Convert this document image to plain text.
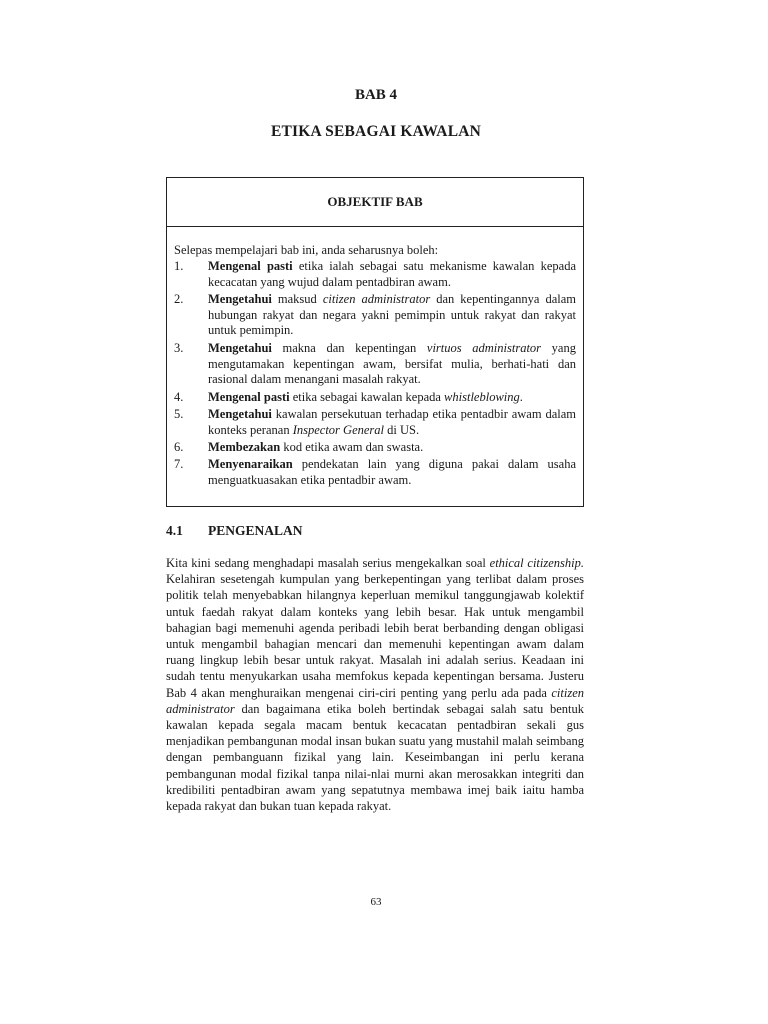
BAB 4
ETIKA SEBAGAI KAWALAN
OBJEKTIF BAB

Selepas mempelajari bab ini, anda seharusnya boleh:

1.	Mengenal pasti etika ialah sebagai satu mekanisme kawalan kepada kecacatan yang wujud dalam pentadbiran awam.
2.	Mengetahui maksud citizen administrator dan kepentingannya dalam hubungan rakyat dan negara yakni pemimpin untuk rakyat dan rakyat untuk pemimpin.
3.	Mengetahui makna dan kepentingan virtuos administrator yang mengutamakan kepentingan awam, bersifat mulia, berhati-hati dan rasional dalam menangani masalah rakyat.
4.	Mengenal pasti etika sebagai kawalan kepada whistleblowing.
5.	Mengetahui kawalan persekutuan terhadap etika pentadbir awam dalam konteks peranan Inspector General di US.
6.	Membezakan kod etika awam dan swasta.
7.	Menyenaraikan pendekatan lain yang diguna pakai dalam usaha menguatkuasakan etika pentadbir awam.
4.1 PENGENALAN

Kita kini sedang menghadapi masalah serius mengekalkan soal ethical citizenship. Kelahiran sesetengah kumpulan yang berkepentingan yang terlibat dalam proses politik telah menyebabkan hilangnya keperluan memikul tanggungjawab kolektif untuk faedah rakyat dalam konteks yang lebih besar. Hak untuk mengambil bahagian bagi memenuhi agenda peribadi lebih berat berbanding dengan obligasi untuk mengambil bahagian mencari dan memenuhi kepentingan awam dalam ruang lingkup lebih besar untuk rakyat. Masalah ini adalah serius. Keadaan ini sudah tentu menyukarkan usaha memfokus kepada kepentingan bersama. Justeru Bab 4 akan menghuraikan mengenai ciri-ciri penting yang perlu ada pada citizen administrator dan bagaimana etika boleh bertindak sebagai salah satu bentuk kawalan kepada segala macam bentuk kecacatan pentadbiran sekali gus menjadikan pembangunan modal insan bukan suatu yang mustahil malah seimbang dengan pembanguann fizikal yang lain. Keseimbangan ini perlu kerana pembangunan modal fizikal tanpa nilai-nlai murni akan merosakkan integriti dan kredibiliti pentadbiran awam yang sepatutnya membawa imej baik iaitu hamba kepada rakyat dan bukan tuan kepada rakyat.

63
